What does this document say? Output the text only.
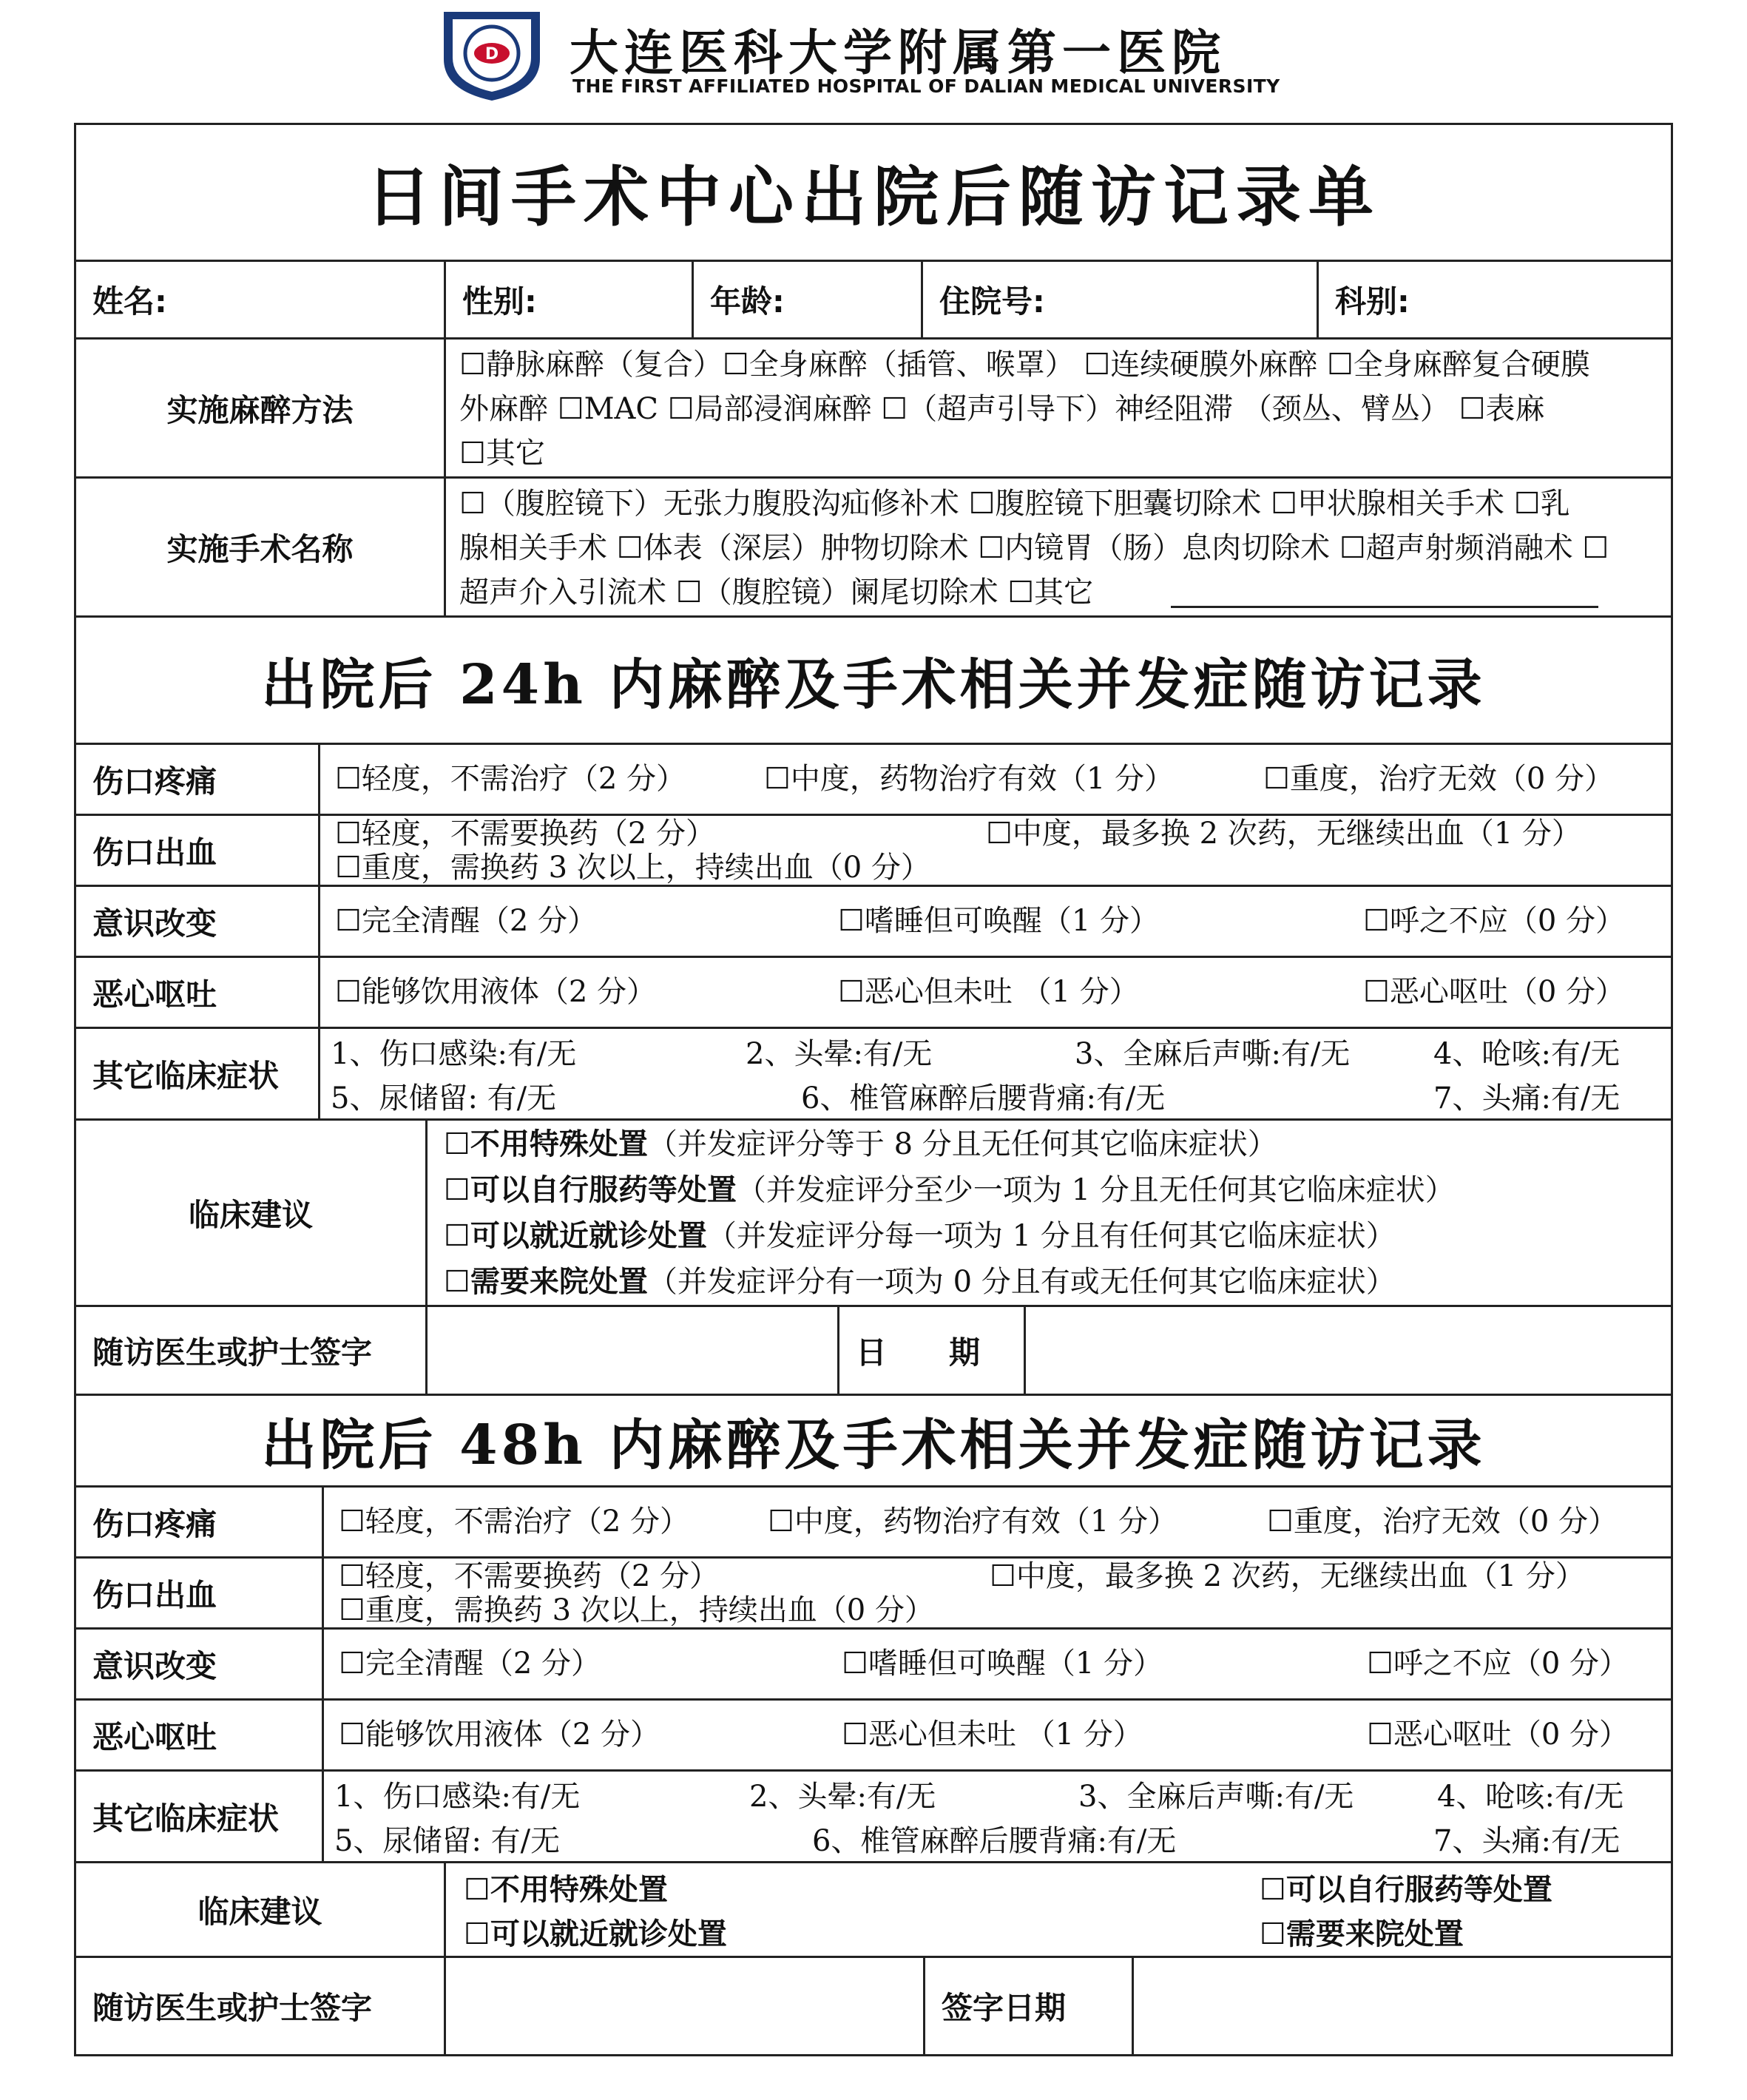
D 大连医科大学附属第一医院
THE FIRST AFFILIATED HOSPITAL OF DALIAN MEDICAL UNIVERSITY
日间手术中心出院后随访记录单
姓名:	性别:	年龄:	住院号:	科别:
实施麻醉方法
☐静脉麻醉（复合）☐全身麻醉（插管、喉罩） ☐连续硬膜外麻醉 ☐全身麻醉复合硬膜
外麻醉 ☐MAC ☐局部浸润麻醉 ☐（超声引导下）神经阻滞 （颈丛、臂丛） ☐表麻
☐其它
实施手术名称
☐（腹腔镜下）无张力腹股沟疝修补术 ☐腹腔镜下胆囊切除术 ☐甲状腺相关手术 ☐乳
腺相关手术 ☐体表（深层）肿物切除术 ☐内镜胃（肠）息肉切除术 ☐超声射频消融术 ☐
超声介入引流术 ☐（腹腔镜）阑尾切除术 ☐其它
出院后 24h 内麻醉及手术相关并发症随访记录
伤口疼痛	☐轻度，不需治疗（2 分）	☐中度，药物治疗有效（1 分）	☐重度，治疗无效（0 分）
伤口出血
☐轻度，不需要换药（2 分）	☐中度，最多换 2 次药，无继续出血（1 分）
☐重度，需换药 3 次以上，持续出血（0 分）
意识改变	☐完全清醒（2 分）	☐嗜睡但可唤醒（1 分）	☐呼之不应（0 分）
恶心呕吐	☐能够饮用液体（2 分）	☐恶心但未吐 （1 分）	☐恶心呕吐（0 分）
其它临床症状
1、伤口感染:有/无	2、头晕:有/无	3、全麻后声嘶:有/无	4、呛咳:有/无
5、尿储留: 有/无	6、椎管麻醉后腰背痛:有/无	7、头痛:有/无
临床建议
☐不用特殊处置（并发症评分等于 8 分且无任何其它临床症状）
☐可以自行服药等处置（并发症评分至少一项为 1 分且无任何其它临床症状）
☐可以就近就诊处置（并发症评分每一项为 1 分且有任何其它临床症状）
☐需要来院处置（并发症评分有一项为 0 分且有或无任何其它临床症状）
随访医生或护士签字	日　　期
出院后 48h 内麻醉及手术相关并发症随访记录
伤口疼痛	☐轻度，不需治疗（2 分）	☐中度，药物治疗有效（1 分）	☐重度，治疗无效（0 分）
伤口出血
☐轻度，不需要换药（2 分）	☐中度，最多换 2 次药，无继续出血（1 分）
☐重度，需换药 3 次以上，持续出血（0 分）
意识改变	☐完全清醒（2 分）	☐嗜睡但可唤醒（1 分）	☐呼之不应（0 分）
恶心呕吐	☐能够饮用液体（2 分）	☐恶心但未吐 （1 分）	☐恶心呕吐（0 分）
其它临床症状
1、伤口感染:有/无	2、头晕:有/无	3、全麻后声嘶:有/无	4、呛咳:有/无
5、尿储留: 有/无	6、椎管麻醉后腰背痛:有/无	7、头痛:有/无
临床建议
☐不用特殊处置	☐可以自行服药等处置
☐可以就近就诊处置	☐需要来院处置
随访医生或护士签字	签字日期
